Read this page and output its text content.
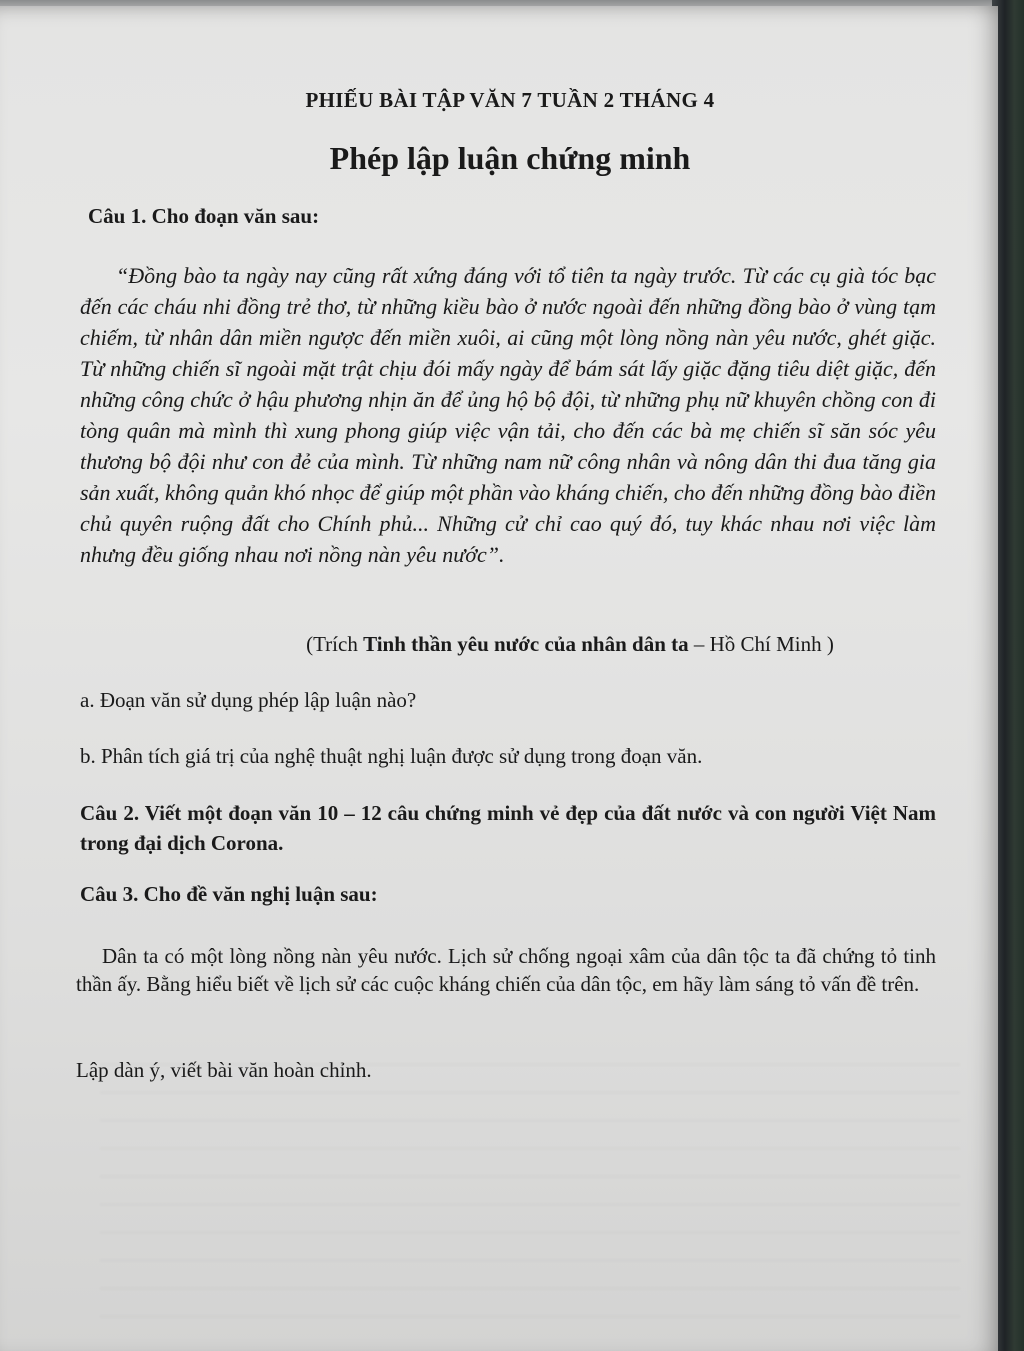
PHIẾU BÀI TẬP VĂN 7 TUẦN 2 THÁNG 4
Phép lập luận chứng minh
Câu 1. Cho đoạn văn sau:

“Đồng bào ta ngày nay cũng rất xứng đáng với tổ tiên ta ngày trước. Từ các cụ già tóc bạc đến các cháu nhi đồng trẻ thơ, từ những kiều bào ở nước ngoài đến những đồng bào ở vùng tạm chiếm, từ nhân dân miền ngược đến miền xuôi, ai cũng một lòng nồng nàn yêu nước, ghét giặc. Từ những chiến sĩ ngoài mặt trật chịu đói mấy ngày để bám sát lấy giặc đặng tiêu diệt giặc, đến những công chức ở hậu phương nhịn ăn để ủng hộ bộ đội, từ những phụ nữ khuyên chồng con đi tòng quân mà mình thì xung phong giúp việc vận tải, cho đến các bà mẹ chiến sĩ săn sóc yêu thương bộ đội như con đẻ của mình. Từ những nam nữ công nhân và nông dân thi đua tăng gia sản xuất, không quản khó nhọc để giúp một phần vào kháng chiến, cho đến những đồng bào điền chủ quyên ruộng đất cho Chính phủ... Những cử chỉ cao quý đó, tuy khác nhau nơi việc làm nhưng đều giống nhau nơi nồng nàn yêu nước”.

(Trích Tinh thần yêu nước của nhân dân ta – Hồ Chí Minh )
a. Đoạn văn sử dụng phép lập luận nào?
b. Phân tích giá trị của nghệ thuật nghị luận được sử dụng trong đoạn văn.

Câu 2. Viết một đoạn văn 10 – 12 câu chứng minh vẻ đẹp của đất nước và con người Việt Nam trong đại dịch Corona.

Câu 3. Cho đề văn nghị luận sau:

Dân ta có một lòng nồng nàn yêu nước. Lịch sử chống ngoại xâm của dân tộc ta đã chứng tỏ tinh thần ấy. Bằng hiểu biết về lịch sử các cuộc kháng chiến của dân tộc, em hãy làm sáng tỏ vấn đề trên.

Lập dàn ý, viết bài văn hoàn chỉnh.
